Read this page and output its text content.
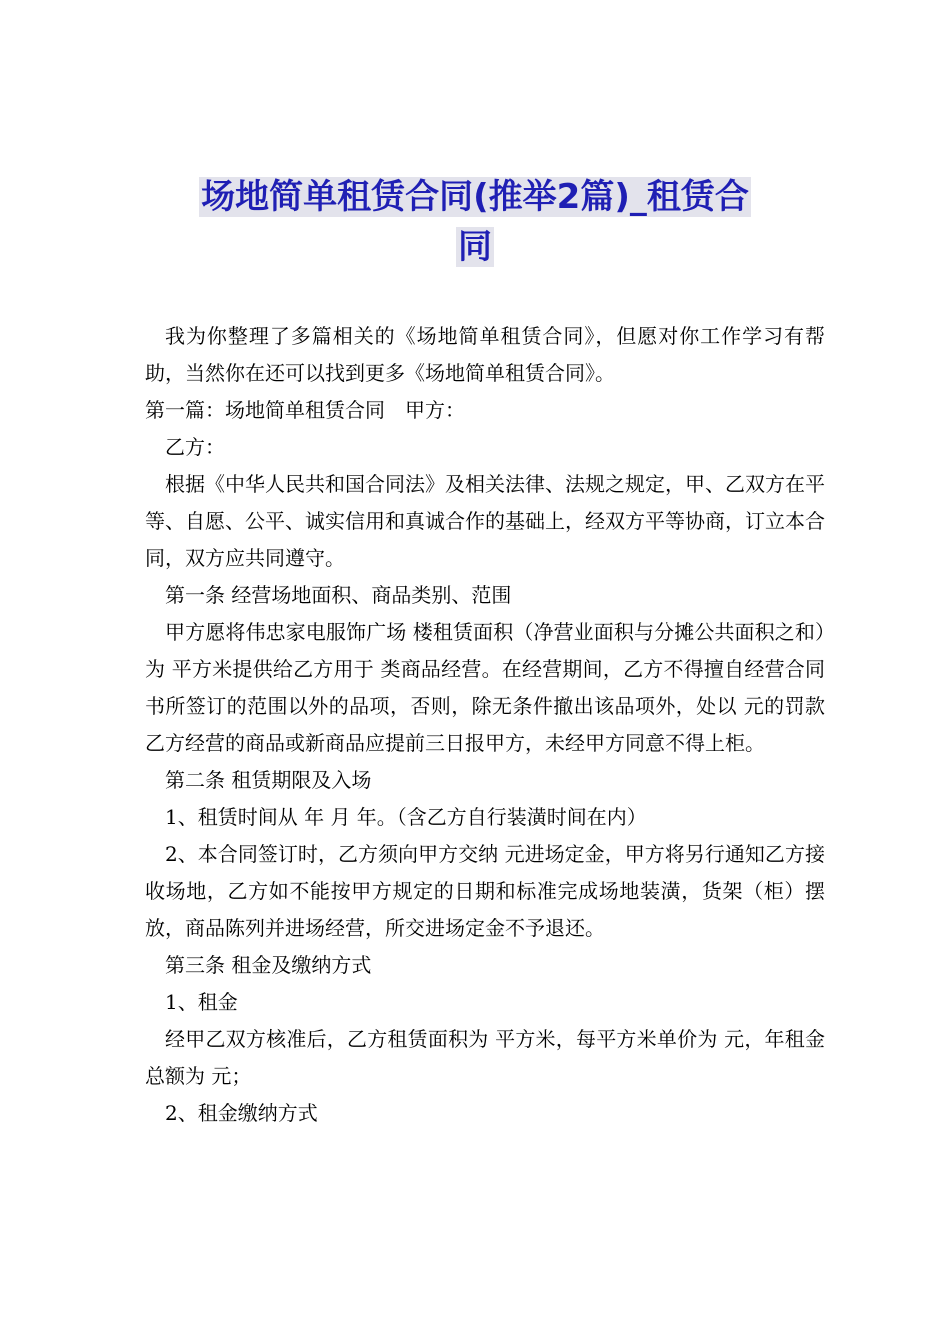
场地简单租赁合同(推举2篇)_租赁合
同

我为你整理了多篇相关的《场地简单租赁合同》，但愿对你工作学习有帮助，当然你在还可以找到更多《场地简单租赁合同》。

第一篇：场地简单租赁合同　甲方：

乙方：

根据《中华人民共和国合同法》及相关法律、法规之规定，甲、乙双方在平等、自愿、公平、诚实信用和真诚合作的基础上，经双方平等协商，订立本合同，双方应共同遵守。

第一条 经营场地面积、商品类别、范围

甲方愿将伟忠家电服饰广场 楼租赁面积（净营业面积与分摊公共面积之和）为 平方米提供给乙方用于 类商品经营。在经营期间，乙方不得擅自经营合同书所签订的范围以外的品项，否则，除无条件撤出该品项外，处以 元的罚款乙方经营的商品或新商品应提前三日报甲方，未经甲方同意不得上柜。

第二条 租赁期限及入场

1、租赁时间从 年 月 年。（含乙方自行装潢时间在内）

2、本合同签订时，乙方须向甲方交纳 元进场定金，甲方将另行通知乙方接收场地，乙方如不能按甲方规定的日期和标准完成场地装潢，货架（柜）摆放，商品陈列并进场经营，所交进场定金不予退还。

第三条 租金及缴纳方式

1、租金

经甲乙双方核准后，乙方租赁面积为 平方米，每平方米单价为 元，年租金总额为 元；

2、租金缴纳方式
